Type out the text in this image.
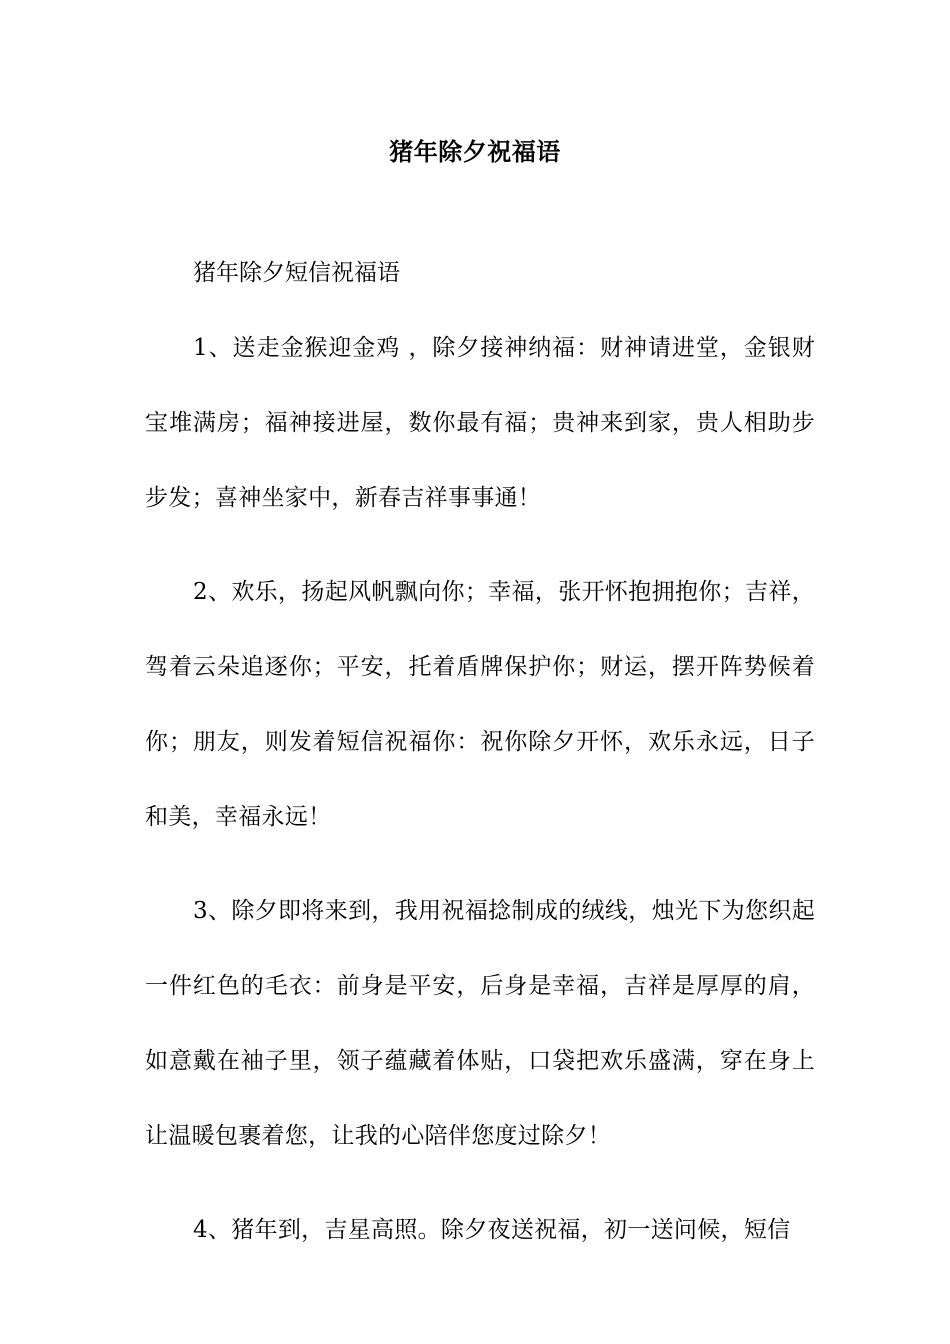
猪年除夕祝福语

猪年除夕短信祝福语

1、送走金猴迎金鸡 ，除夕接神纳福：财神请进堂，金银财宝堆满房；福神接进屋，数你最有福；贵神来到家，贵人相助步步发；喜神坐家中，新春吉祥事事通！

2、欢乐，扬起风帆飘向你；幸福，张开怀抱拥抱你；吉祥，驾着云朵追逐你；平安，托着盾牌保护你；财运，摆开阵势候着你；朋友，则发着短信祝福你：祝你除夕开怀，欢乐永远，日子和美，幸福永远！

3、除夕即将来到，我用祝福捻制成的绒线，烛光下为您织起一件红色的毛衣：前身是平安，后身是幸福，吉祥是厚厚的肩，如意戴在袖子里，领子蕴藏着体贴，口袋把欢乐盛满，穿在身上让温暖包裹着您，让我的心陪伴您度过除夕！

4、猪年到，吉星高照。除夕夜送祝福，初一送问候，短信
